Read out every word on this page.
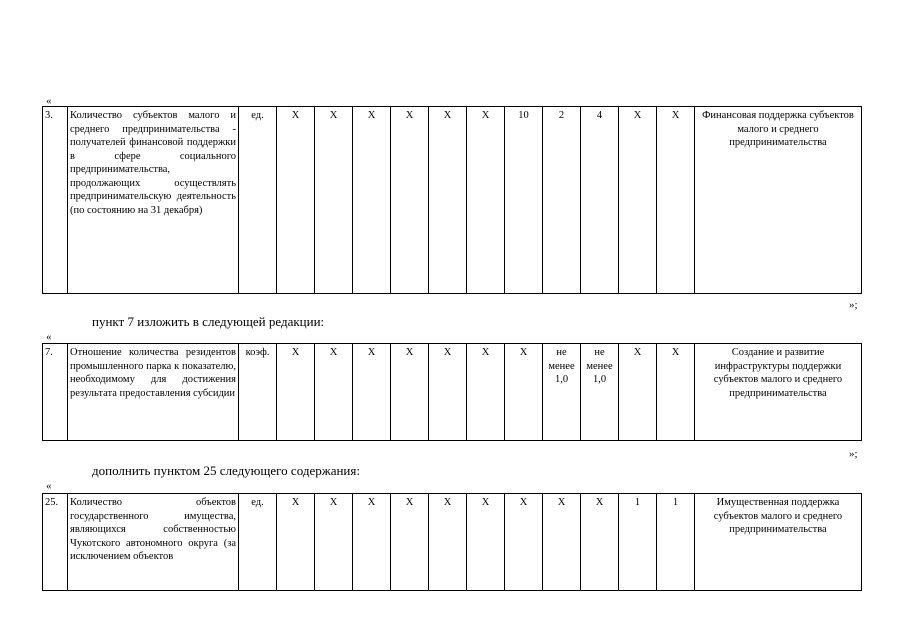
«
3.	Количество субъектов малого и среднего предпринимательства - получателей финансовой поддержки в сфере социального предпринимательства, продолжающих осуществлять предпринимательскую деятельность (по состоянию на 31 декабря)	ед.	X	X	X	X	X	X	10	2	4	X	X	Финансовая поддержка субъектов малого и среднего предпринимательства
»;
пункт 7 изложить в следующей редакции:
«
7.	Отношение количества резидентов промышленного парка к показателю, необходимому для достижения результата предоставления субсидии	коэф.	X	X	X	X	X	X	X	не менее 1,0	не менее 1,0	X	X	Создание и развитие инфраструктуры поддержки субъектов малого и среднего предпринимательства
»;
дополнить пунктом 25 следующего содержания:
«
25.	Количество объектов государственного имущества, являющихся собственностью Чукотского автономного округа (за исключением объектов	ед.	X	X	X	X	X	X	X	X	X	1	1	Имущественная поддержка субъектов малого и среднего предпринимательства
